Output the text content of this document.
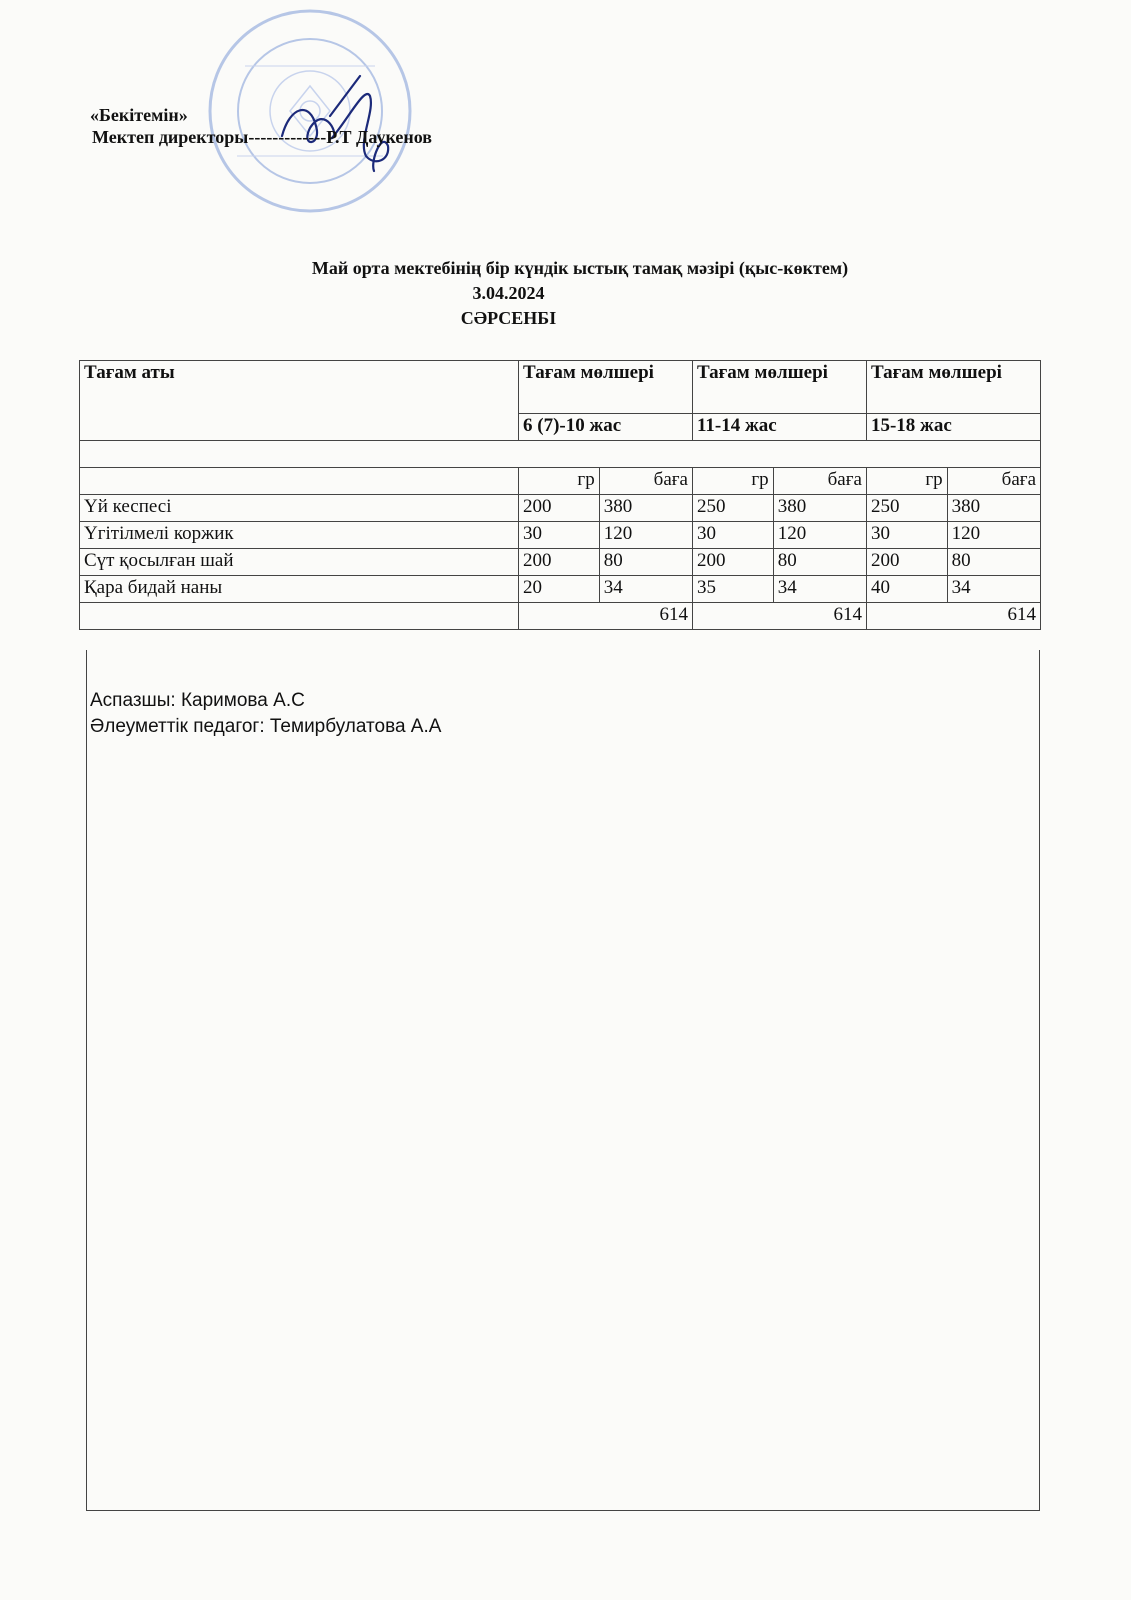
«Бекітемін»
Мектеп директоры-------------Р.Т Даукенов
Май орта мектебінің бір күндік ыстық тамақ мәзірі (қыс-көктем)
3.04.2024
СӘРСЕНБІ
Тағам аты	Тағам мөлшері		Тағам мөлшері		Тағам мөлшері	
	6 (7)-10 жас		11-14 жас		15-18 жас	

	гр	баға	гр	баға	гр	баға
Үй кеспесі	200	380	250	380	250	380
Үгітілмелі коржик	30	120	30	120	30	120
Сүт қосылған шай	200	80	200	80	200	80
Қара бидай наны	20	34	35	34	40	34
	614		614		614	
Аспазшы: Каримова А.С
Әлеуметтік педагог: Темирбулатова А.А
